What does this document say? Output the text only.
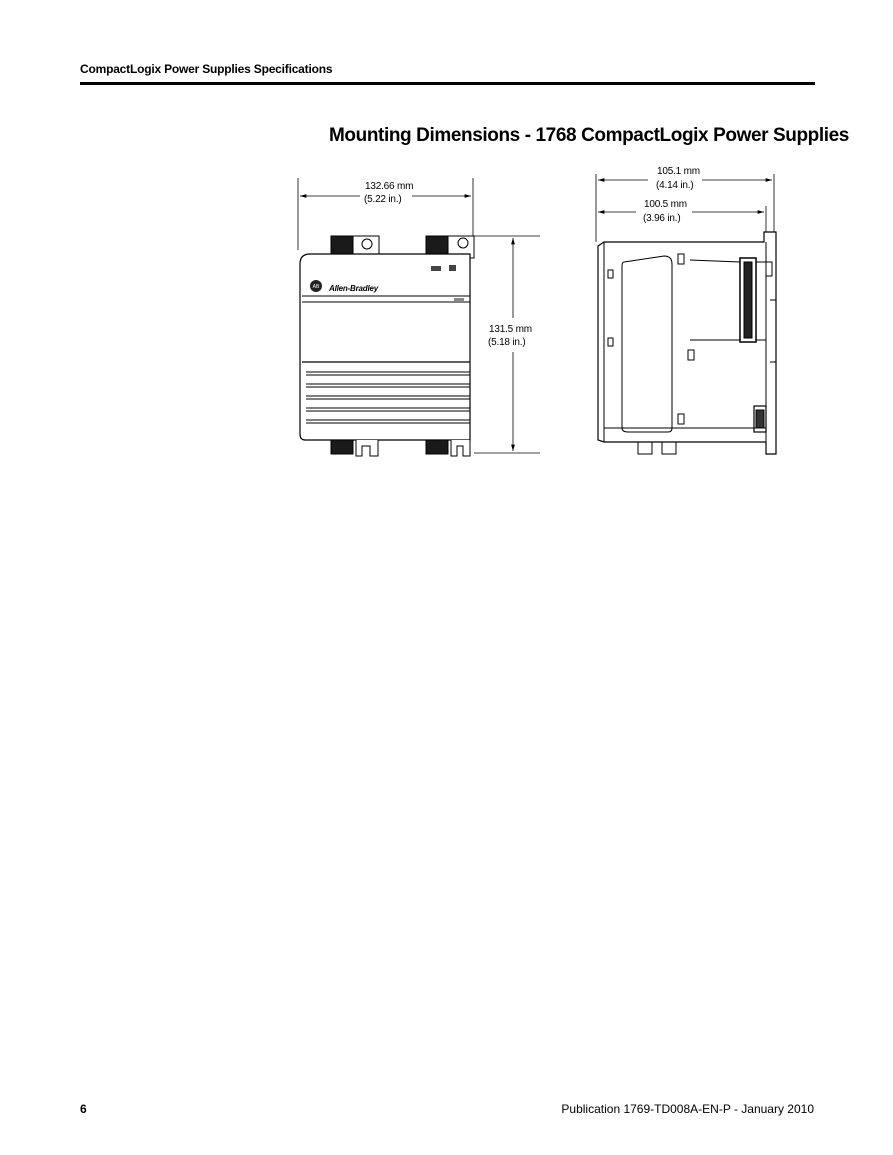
CompactLogix Power Supplies Specifications
Mounting Dimensions - 1768 CompactLogix Power Supplies
AB
132.66 mm
(5.22 in.)
131.5 mm
(5.18 in.)
105.1 mm
(4.14 in.)
100.5 mm
(3.96 in.)
Allen-Bradley
6	Publication 1769-TD008A-EN-P - January 2010
